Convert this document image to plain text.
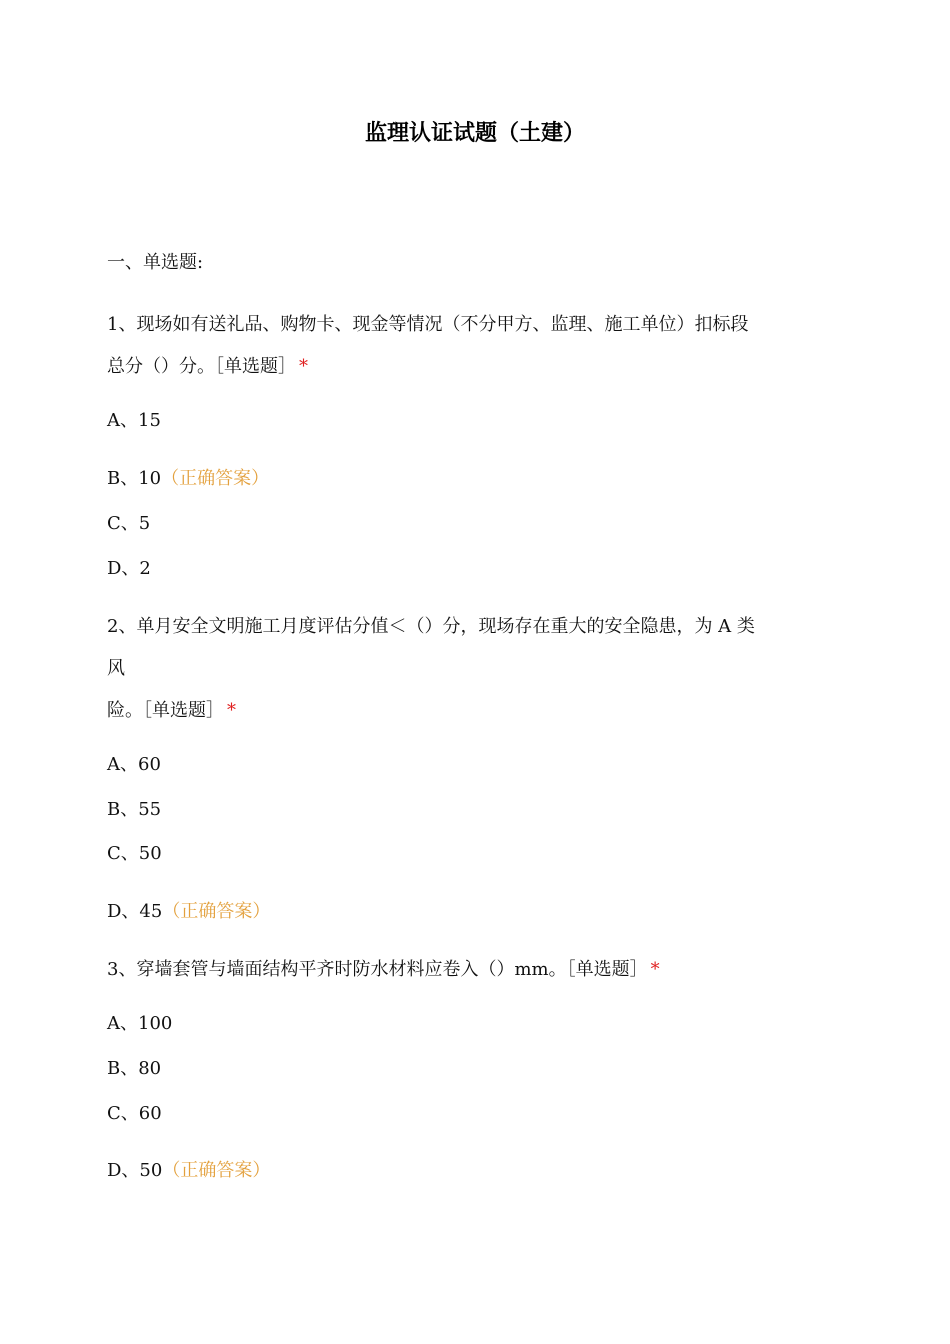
监理认证试题（土建）
一、单选题:
1、现场如有送礼品、购物卡、现金等情况（不分甲方、监理、施工单位）扣标段
总分（）分。［单选题］ *
A、15
B、10（正确答案）
C、5
D、2
2、单月安全文明施工月度评估分值＜（）分，现场存在重大的安全隐患，为 A 类
风
险。［单选题］ *
A、60
B、55
C、50
D、45（正确答案）
3、穿墙套管与墙面结构平齐时防水材料应卷入（）mm。［单选题］ *
A、100
B、80
C、60
D、50（正确答案）
